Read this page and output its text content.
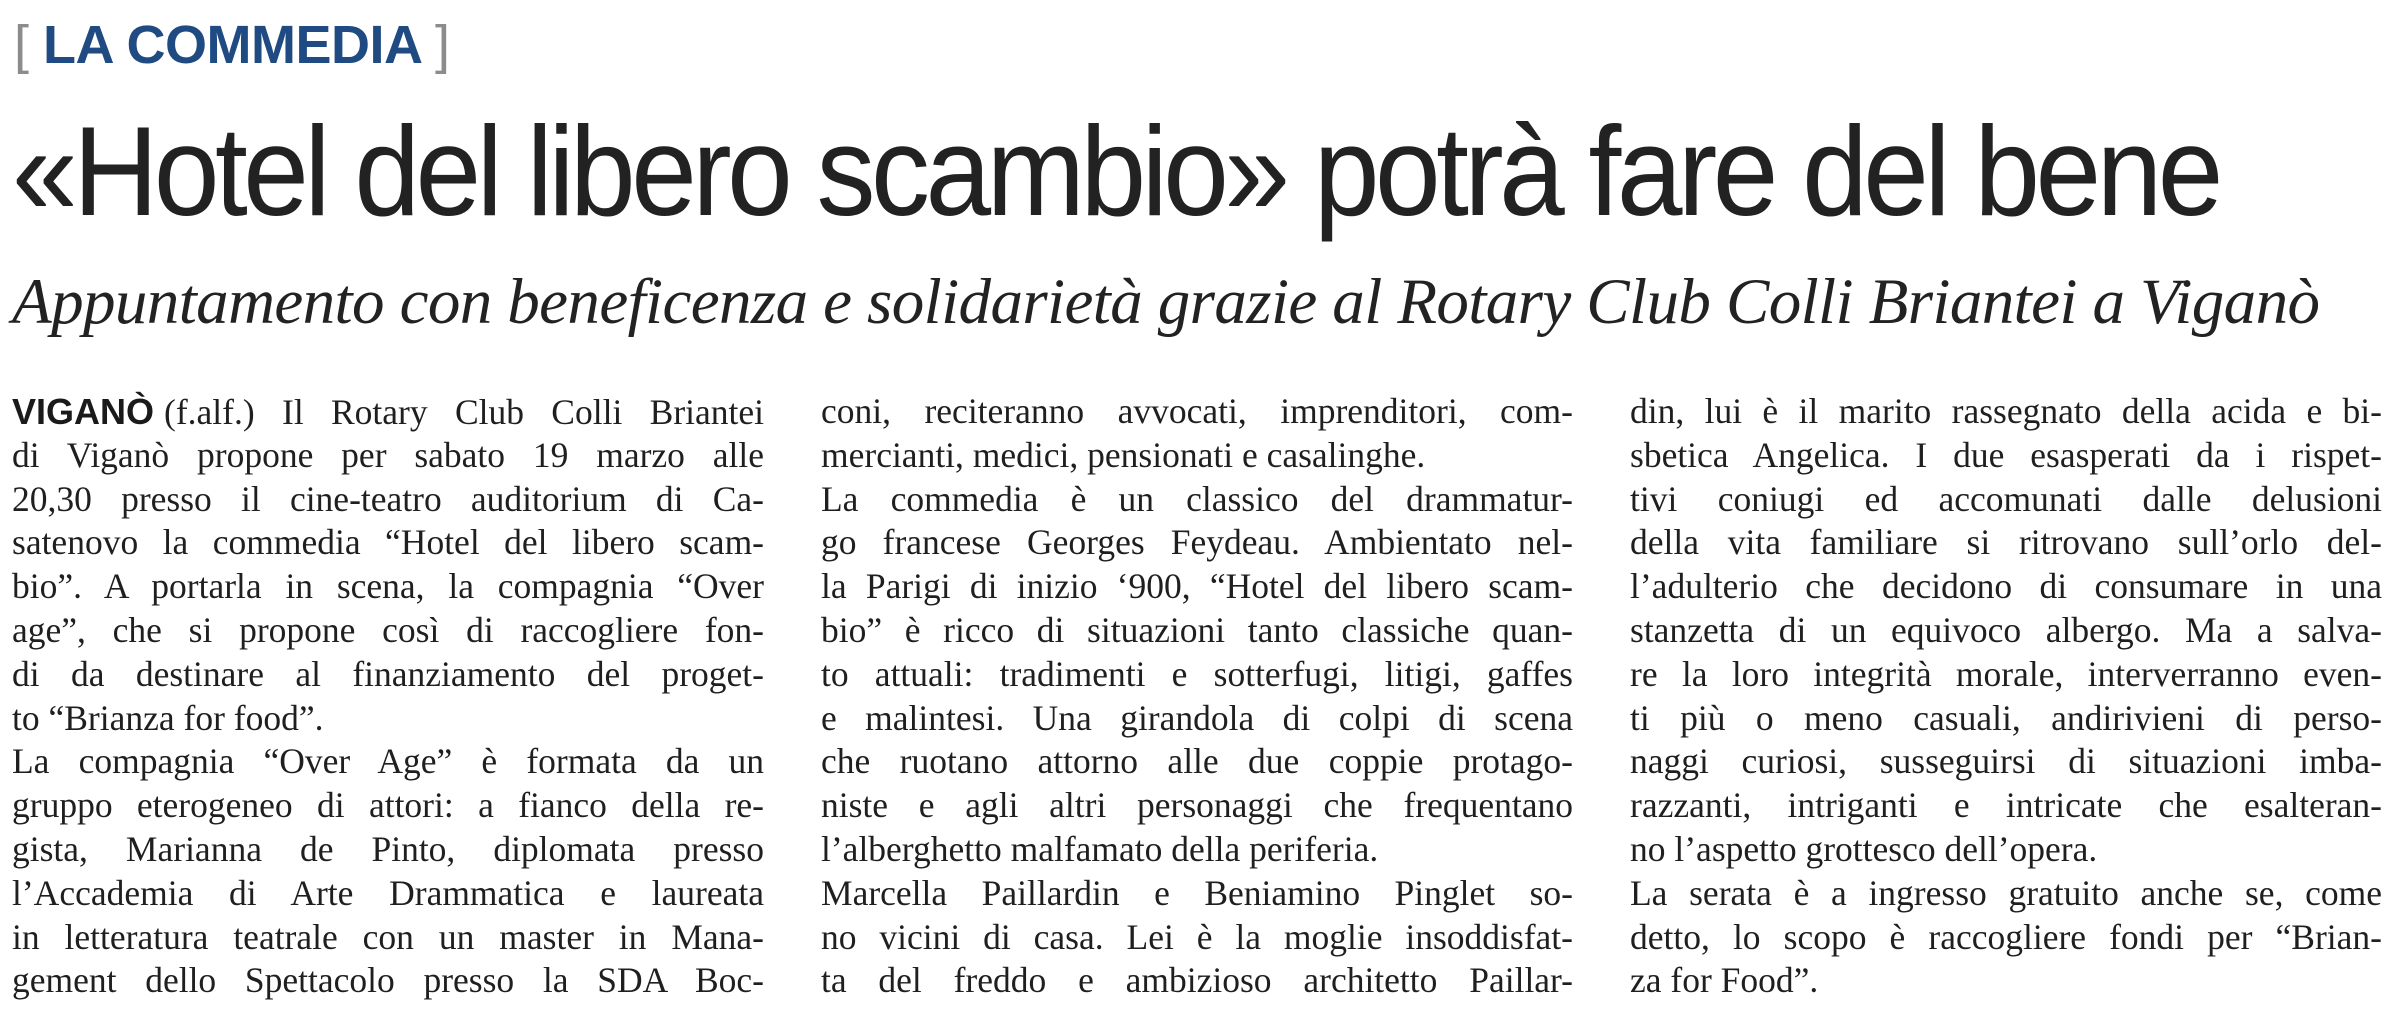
[ LA COMMEDIA ]
«Hotel del libero scambio» potrà fare del bene
Appuntamento con beneficenza e solidarietà grazie al Rotary Club Colli Briantei a Viganò
VIGANÒ (f.alf.) Il Rotary Club Colli Briantei
di Viganò propone per sabato 19 marzo alle
20,30 presso il cine-teatro auditorium di Ca-
satenovo la commedia “Hotel del libero scam-
bio”. A portarla in scena, la compagnia “Over
age”, che si propone così di raccogliere fon-
di da destinare al finanziamento del proget-
to “Brianza for food”.
La compagnia “Over Age” è formata da un
gruppo eterogeneo di attori: a fianco della re-
gista, Marianna de Pinto, diplomata presso
l’Accademia di Arte Drammatica e laureata
in letteratura teatrale con un master in Mana-
gement dello Spettacolo presso la SDA Boc-
coni, reciteranno avvocati, imprenditori, com-
mercianti, medici, pensionati e casalinghe.
La commedia è un classico del drammatur-
go francese Georges Feydeau. Ambientato nel-
la Parigi di inizio ‘900, “Hotel del libero scam-
bio” è ricco di situazioni tanto classiche quan-
to attuali: tradimenti e sotterfugi, litigi, gaffes
e malintesi. Una girandola di colpi di scena
che ruotano attorno alle due coppie protago-
niste e agli altri personaggi che frequentano
l’alberghetto malfamato della periferia.
Marcella Paillardin e Beniamino Pinglet so-
no vicini di casa. Lei è la moglie insoddisfat-
ta del freddo e ambizioso architetto Paillar-
din, lui è il marito rassegnato della acida e bi-
sbetica Angelica. I due esasperati da i rispet-
tivi coniugi ed accomunati dalle delusioni
della vita familiare si ritrovano sull’orlo del-
l’adulterio che decidono di consumare in una
stanzetta di un equivoco albergo. Ma a salva-
re la loro integrità morale, interverranno even-
ti più o meno casuali, andirivieni di perso-
naggi curiosi, susseguirsi di situazioni imba-
razzanti, intriganti e intricate che esalteran-
no l’aspetto grottesco dell’opera.
La serata è a ingresso gratuito anche se, come
detto, lo scopo è raccogliere fondi per “Brian-
za for Food”.
